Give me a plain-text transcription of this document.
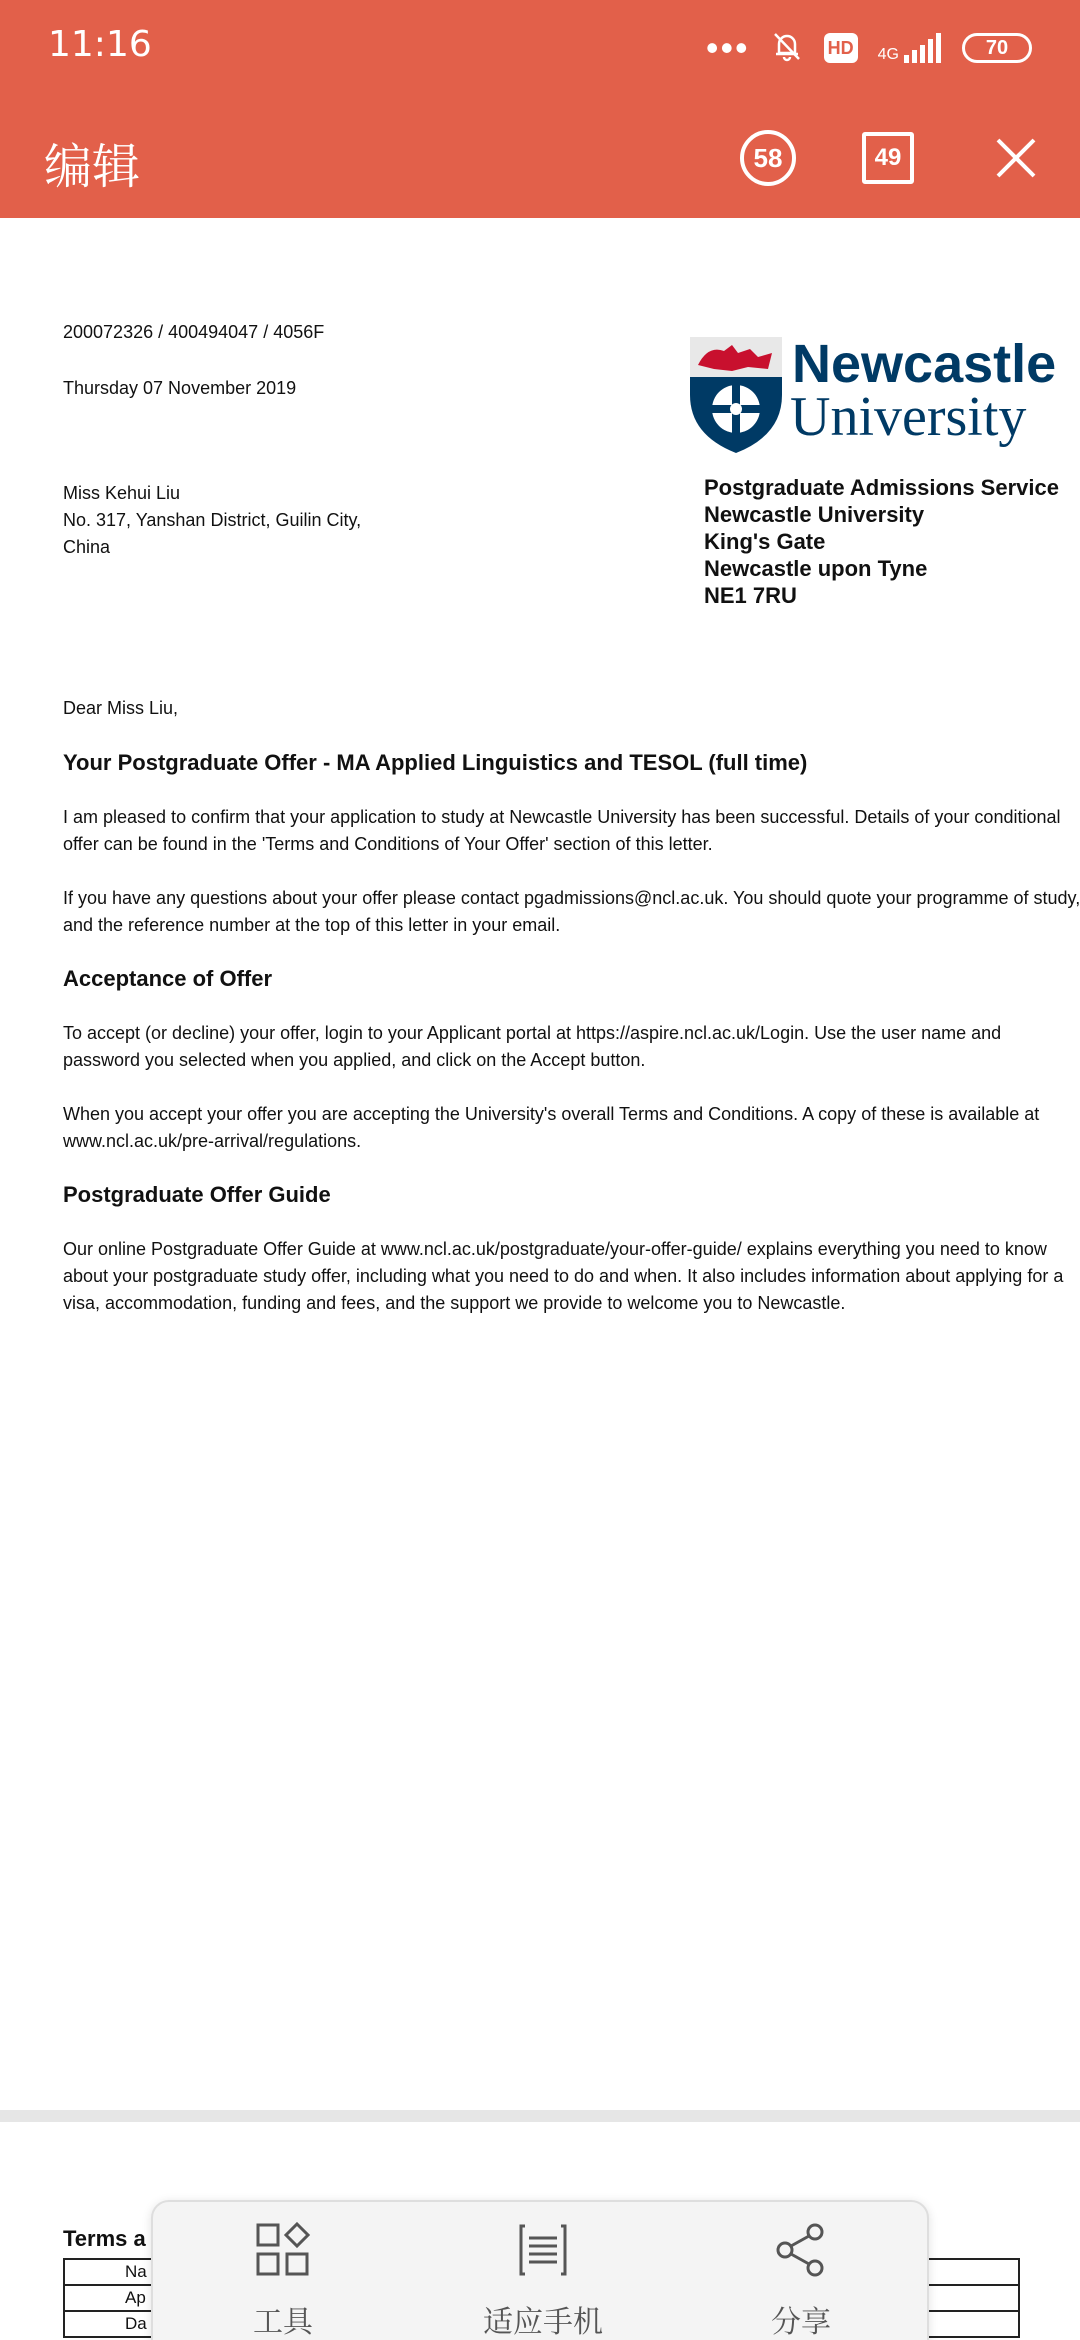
11:16	•••	HD 4G	70
编辑	58	49
200072326 / 400494047 / 4056F
Thursday 07 November 2019
Miss Kehui Liu
No. 317, Yanshan District, Guilin City,
China
Newcastle
University
Postgraduate Admissions Service
Newcastle University
King's Gate
Newcastle upon Tyne
NE1 7RU
Dear Miss Liu,
Your Postgraduate Offer - MA Applied Linguistics and TESOL (full time)
I am pleased to confirm that your application to study at Newcastle University has been successful. Details of your conditional offer can be found in the 'Terms and Conditions of Your Offer' section of this letter.
If you have any questions about your offer please contact pgadmissions@ncl.ac.uk. You should quote your programme of study, and the reference number at the top of this letter in your email.
Acceptance of Offer
To accept (or decline) your offer, login to your Applicant portal at https://aspire.ncl.ac.uk/Login. Use the user name and password you selected when you applied, and click on the Accept button.
When you accept your offer you are accepting the University's overall Terms and Conditions. A copy of these is available at www.ncl.ac.uk/pre-arrival/regulations.
Postgraduate Offer Guide
Our online Postgraduate Offer Guide at www.ncl.ac.uk/postgraduate/your-offer-guide/ explains everything you need to know about your postgraduate study offer, including what you need to do and when. It also includes information about applying for a visa, accommodation, funding and fees, and the support we provide to welcome you to Newcastle.
Terms a
Na
Ap
Da	工具	适应手机	分享
